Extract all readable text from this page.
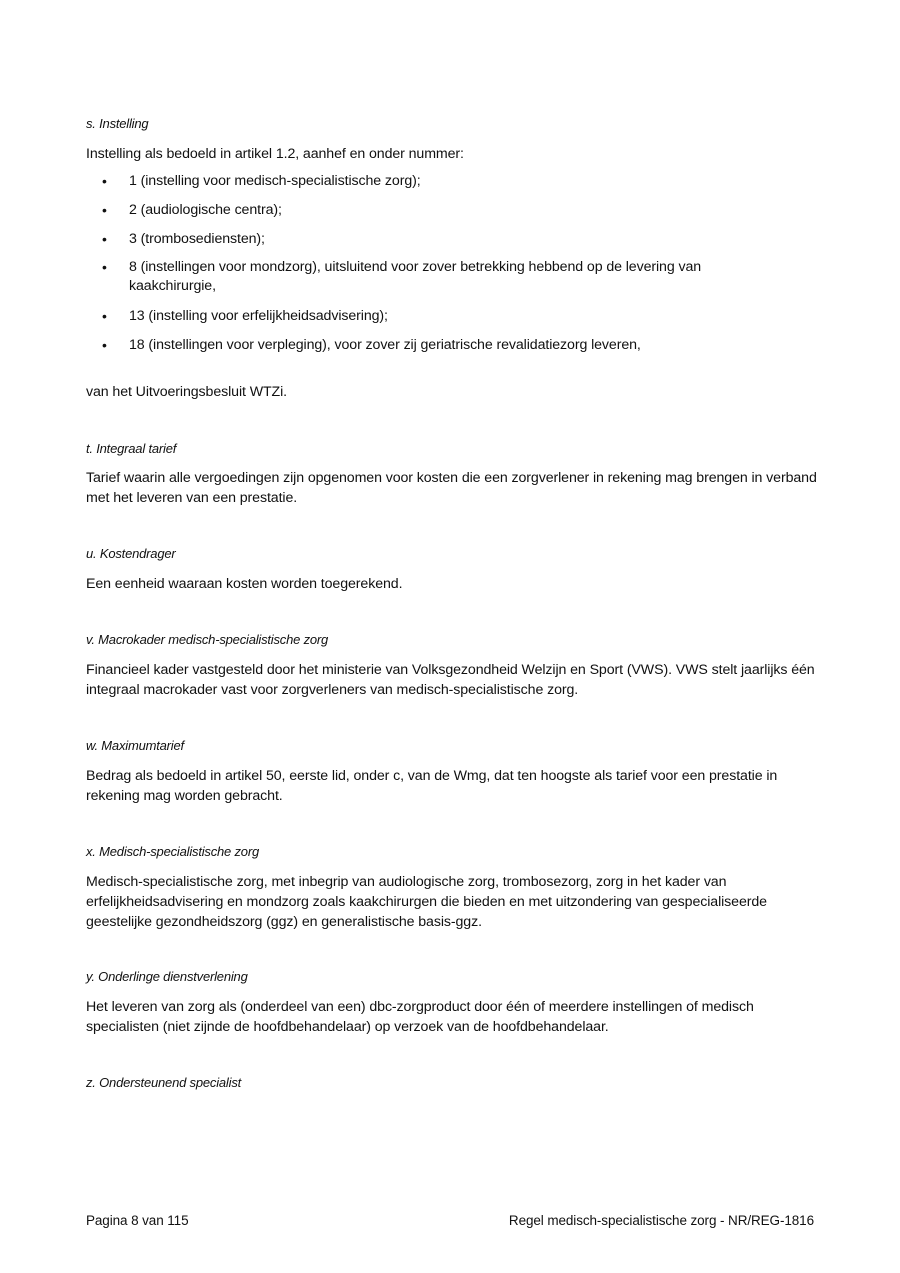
s. Instelling
Instelling als bedoeld in artikel 1.2, aanhef en onder nummer:
• 1 (instelling voor medisch-specialistische zorg);
• 2 (audiologische centra);
• 3 (trombosediensten);
• 8 (instellingen voor mondzorg), uitsluitend voor zover betrekking hebbend op de levering van kaakchirurgie,
• 13 (instelling voor erfelijkheidsadvisering);
• 18 (instellingen voor verpleging), voor zover zij geriatrische revalidatiezorg leveren,
van het Uitvoeringsbesluit WTZi.
t. Integraal tarief
Tarief waarin alle vergoedingen zijn opgenomen voor kosten die een zorgverlener in rekening mag brengen in verband met het leveren van een prestatie.
u. Kostendrager
Een eenheid waaraan kosten worden toegerekend.
v. Macrokader medisch-specialistische zorg
Financieel kader vastgesteld door het ministerie van Volksgezondheid Welzijn en Sport (VWS). VWS stelt jaarlijks één integraal macrokader vast voor zorgverleners van medisch-specialistische zorg.
w. Maximumtarief
Bedrag als bedoeld in artikel 50, eerste lid, onder c, van de Wmg, dat ten hoogste als tarief voor een prestatie in rekening mag worden gebracht.
x. Medisch-specialistische zorg
Medisch-specialistische zorg, met inbegrip van audiologische zorg, trombosezorg, zorg in het kader van erfelijkheidsadvisering en mondzorg zoals kaakchirurgen die bieden en met uitzondering van gespecialiseerde geestelijke gezondheidszorg (ggz) en generalistische basis-ggz.
y. Onderlinge dienstverlening
Het leveren van zorg als (onderdeel van een) dbc-zorgproduct door één of meerdere instellingen of medisch specialisten (niet zijnde de hoofdbehandelaar) op verzoek van de hoofdbehandelaar.
z. Ondersteunend specialist
Pagina 8 van 115	Regel medisch-specialistische zorg - NR/REG-1816
